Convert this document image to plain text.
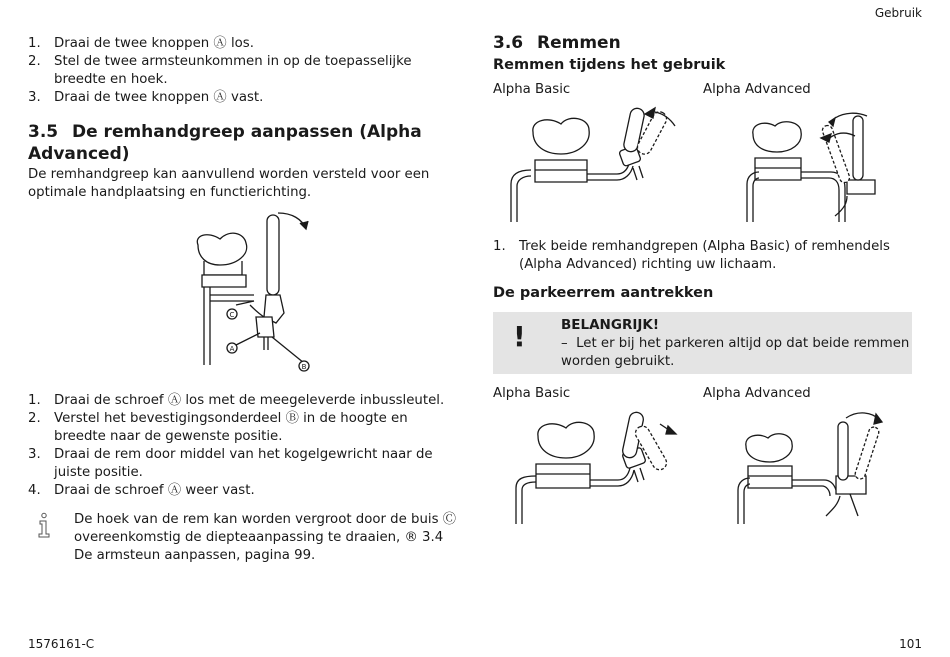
Gebruik
1. Draai de twee knoppen Ⓐ los.
2. Stel de twee armsteunkommen in op de toepasselijke breedte en hoek.
3. Draai de twee knoppen Ⓐ vast.
3.5 De remhandgreep aanpassen (Alpha Advanced)
De remhandgreep kan aanvullend worden versteld voor een optimale handplaatsing en functierichting.
C
A
B
1. Draai de schroef Ⓐ los met de meegeleverde inbussleutel.
2. Verstel het bevestigingsonderdeel Ⓑ in de hoogte en breedte naar de gewenste positie.
3. Draai de rem door middel van het kogelgewricht naar de juiste positie.
4. Draai de schroef Ⓐ weer vast.
De hoek van de rem kan worden vergroot door de buis Ⓒ overeenkomstig de diepteaanpassing te draaien, ® 3.4 De armsteun aanpassen, pagina 99.
3.6 Remmen
Remmen tijdens het gebruik
Alpha Basic	Alpha Advanced
1. Trek beide remhandgrepen (Alpha Basic) of remhendels (Alpha Advanced) richting uw lichaam.
De parkeerrem aantrekken
!	BELANGRIJK!
– Let er bij het parkeren altijd op dat beide remmen worden gebruikt.
Alpha Basic	Alpha Advanced
1576161-C	101
